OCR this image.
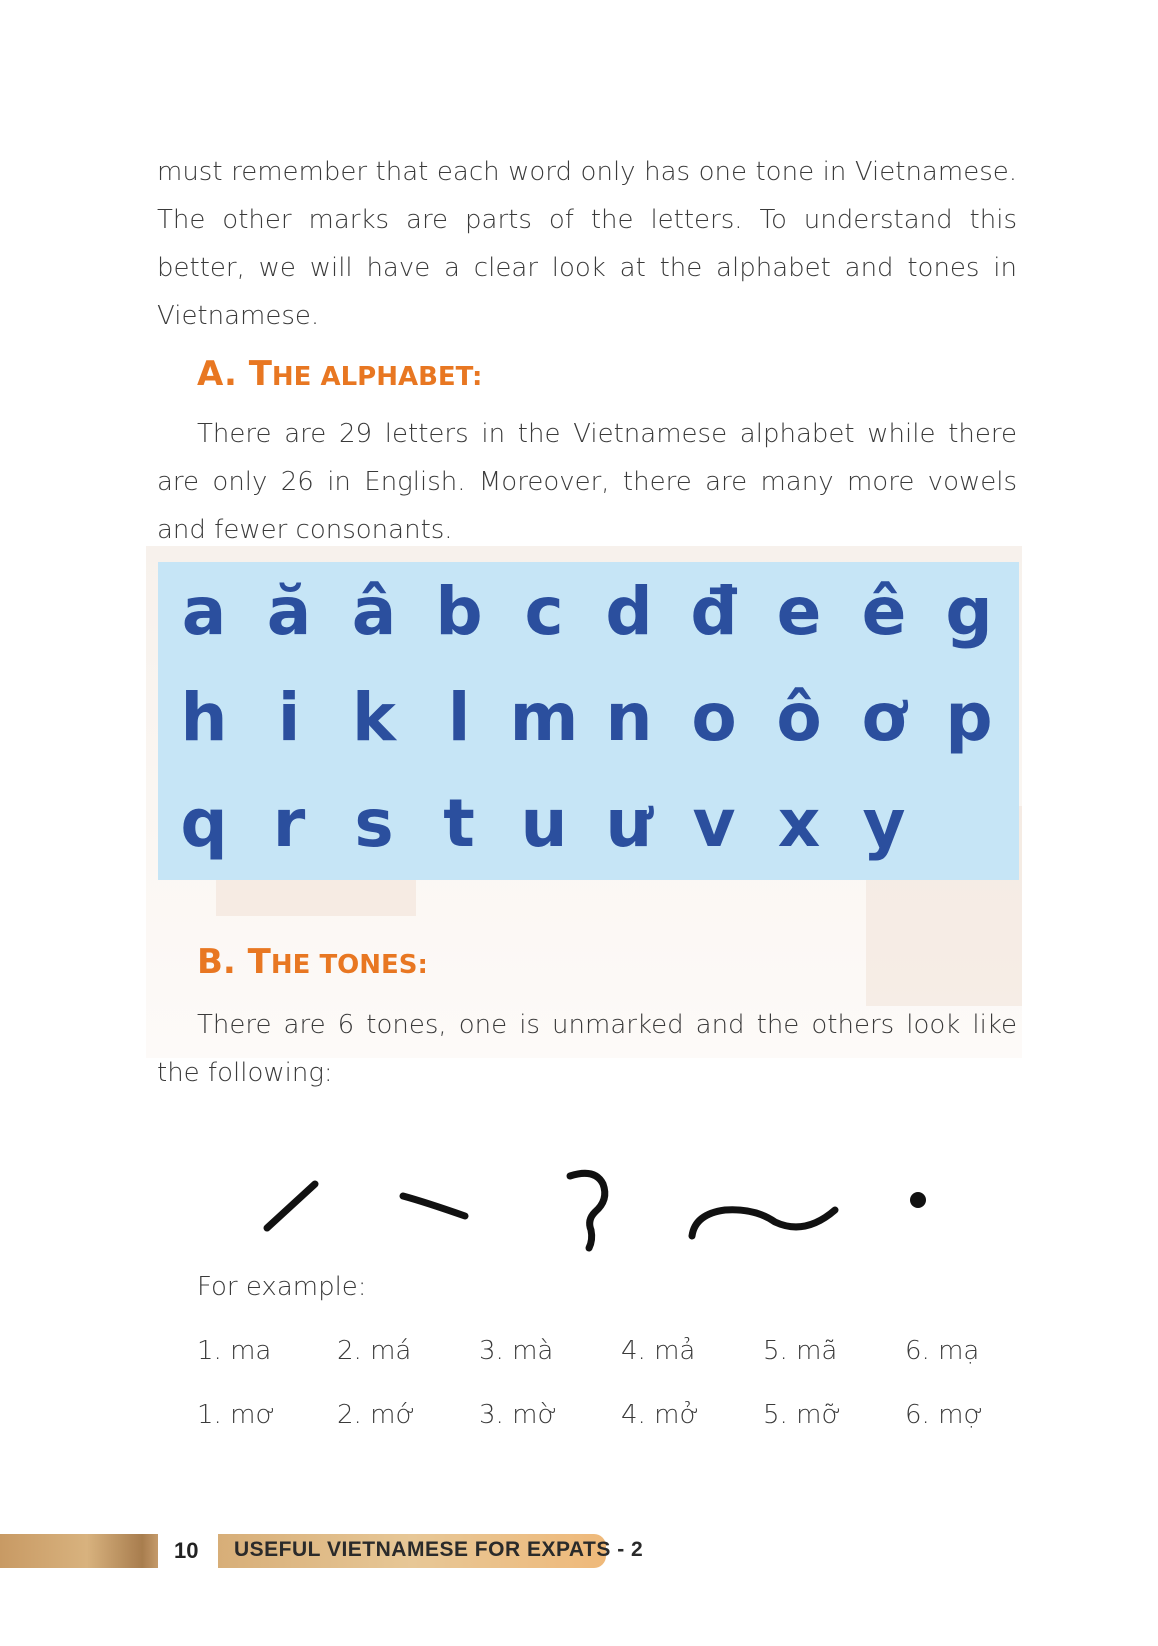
must remember that each word only has one tone in Vietnamese. The other marks are parts of the letters. To understand this better, we will have a clear look at the alphabet and tones in Vietnamese.
A. THE ALPHABET:
There are 29 letters in the Vietnamese alphabet while there are only 26 in English. Moreover, there are many more vowels and fewer consonants.
a ă â b c d đ e ê g
h i k l m n o ô ơ p
q r s t u ư v x y
B. THE TONES:
There are 6 tones, one is unmarked and the others look like the following:
For example:
1. ma	2. má	3. mà	4. mả	5. mã	6. mạ
1. mơ 2. mớ 3. mờ 4. mở 5. mỡ 6. mợ
10 USEFUL VIETNAMESE FOR EXPATS - 2
